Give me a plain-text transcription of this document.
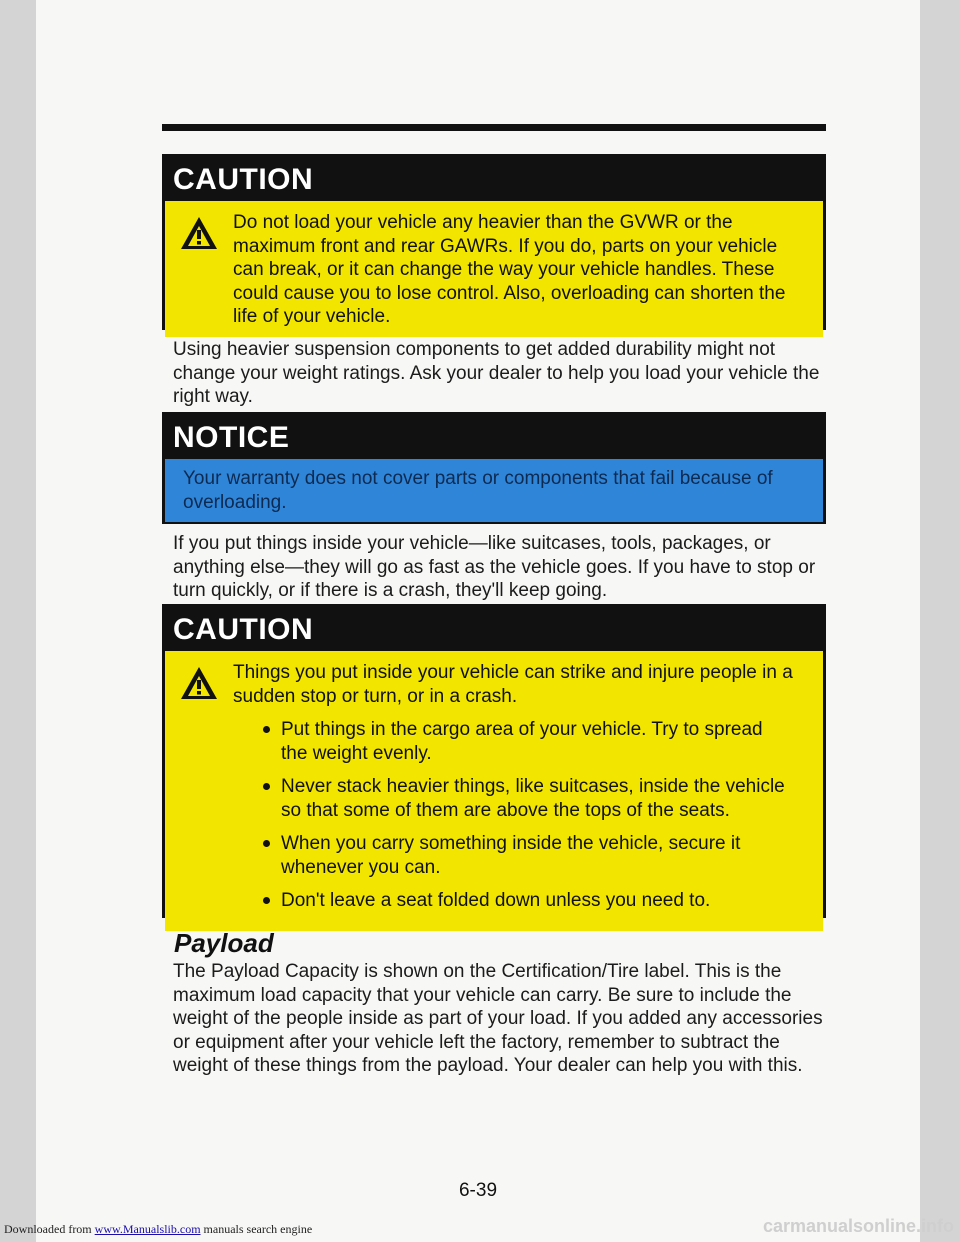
CAUTION
Do not load your vehicle any heavier than the GVWR or the maximum front and rear GAWRs. If you do, parts on your vehicle can break, or it can change the way your vehicle handles. These could cause you to lose control. Also, overloading can shorten the life of your vehicle.
Using heavier suspension components to get added durability might not change your weight ratings. Ask your dealer to help you load your vehicle the right way.
NOTICE
Your warranty does not cover parts or components that fail because of overloading.
If you put things inside your vehicle—like suitcases, tools, packages, or anything else—they will go as fast as the vehicle goes. If you have to stop or turn quickly, or if there is a crash, they'll keep going.
CAUTION
Things you put inside your vehicle can strike and injure people in a sudden stop or turn, or in a crash.
Put things in the cargo area of your vehicle. Try to spread the weight evenly.
Never stack heavier things, like suitcases, inside the vehicle so that some of them are above the tops of the seats.
When you carry something inside the vehicle, secure it whenever you can.
Don't leave a seat folded down unless you need to.
Payload
The Payload Capacity is shown on the Certification/Tire label. This is the maximum load capacity that your vehicle can carry. Be sure to include the weight of the people inside as part of your load. If you added any accessories or equipment after your vehicle left the factory, remember to subtract the weight of these things from the payload. Your dealer can help you with this.
6-39
Downloaded from www.Manualslib.com manuals search engine	carmanualsonline.info
